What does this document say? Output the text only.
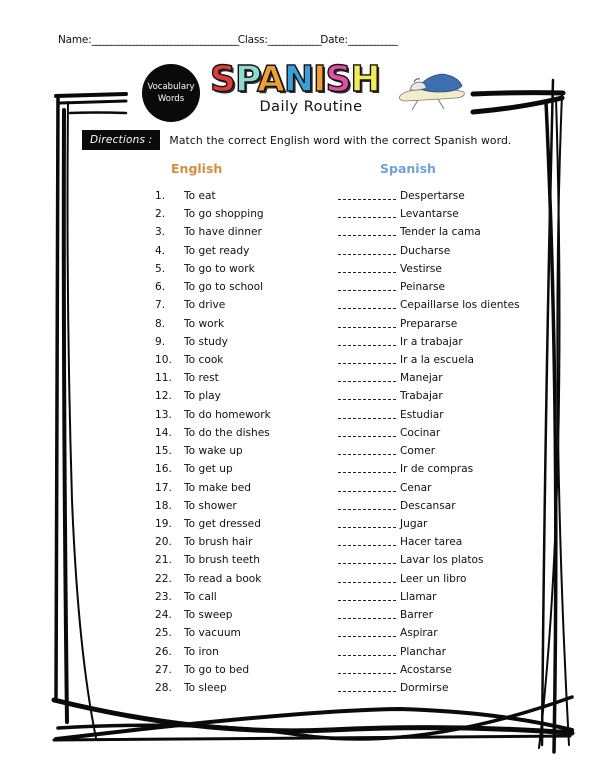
Name:_______________________________________Class:______________Date:_____________
Vocabulary
Words SPANISH
Daily Routine
Directions :	Match the correct English word with the correct Spanish word.
English	Spanish
1.	To eat	Despertarse
2.	To go shopping	Levantarse
3.	To have dinner	Tender la cama
4.	To get ready	Ducharse
5.	To go to work	Vestirse
6.	To go to school	Peinarse
7.	To drive	Cepaillarse los dientes
8.	To work	Prepararse
9.	To study	Ir a trabajar
10.	To cook	Ir a la escuela
11.	To rest	Manejar
12.	To play	Trabajar
13.	To do homework	Estudiar
14.	To do the dishes	Cocinar
15.	To wake up	Comer
16.	To get up	Ir de compras
17.	To make bed	Cenar
18.	To shower	Descansar
19.	To get dressed	Jugar
20.	To brush hair	Hacer tarea
21.	To brush teeth	Lavar los platos
22.	To read a book	Leer un libro
23.	To call	Llamar
24.	To sweep	Barrer
25.	To vacuum	Aspirar
26.	To iron	Planchar
27.	To go to bed	Acostarse
28.	To sleep	Dormirse
